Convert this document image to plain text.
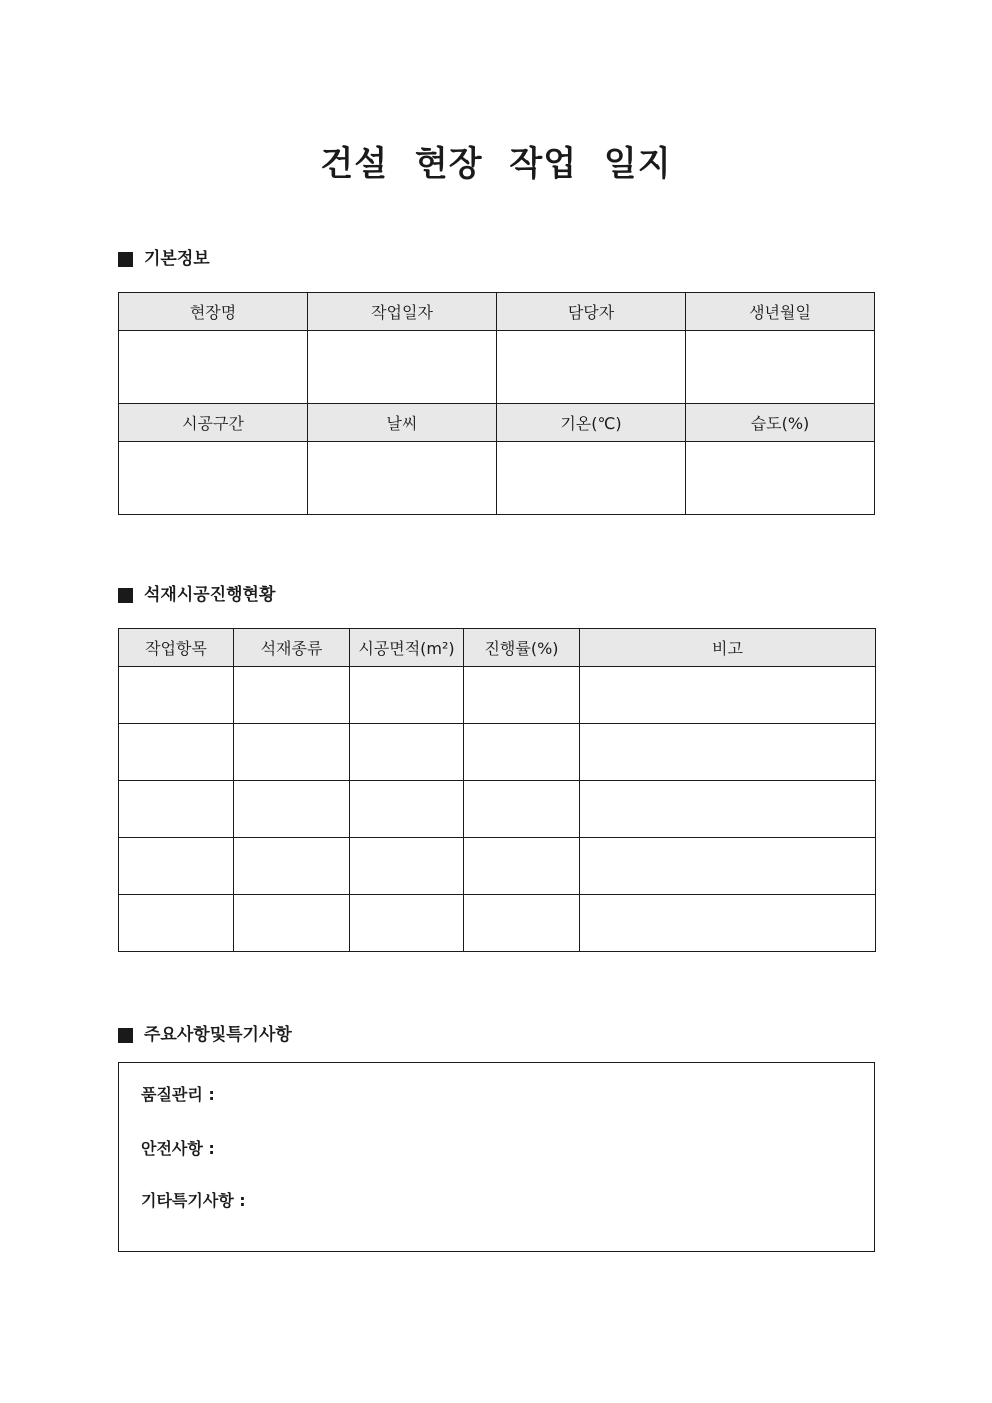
건설 현장 작업 일지
기본정보
현장명	작업일자	담당자	생년월일

시공구간	날씨	기온(℃)	습도(%)

석재시공진행현황
작업항목	석재종류	시공면적(m²)	진행률(%)	비고

주요사항및특기사항
품질관리 :
안전사항 :
기타특기사항 :
